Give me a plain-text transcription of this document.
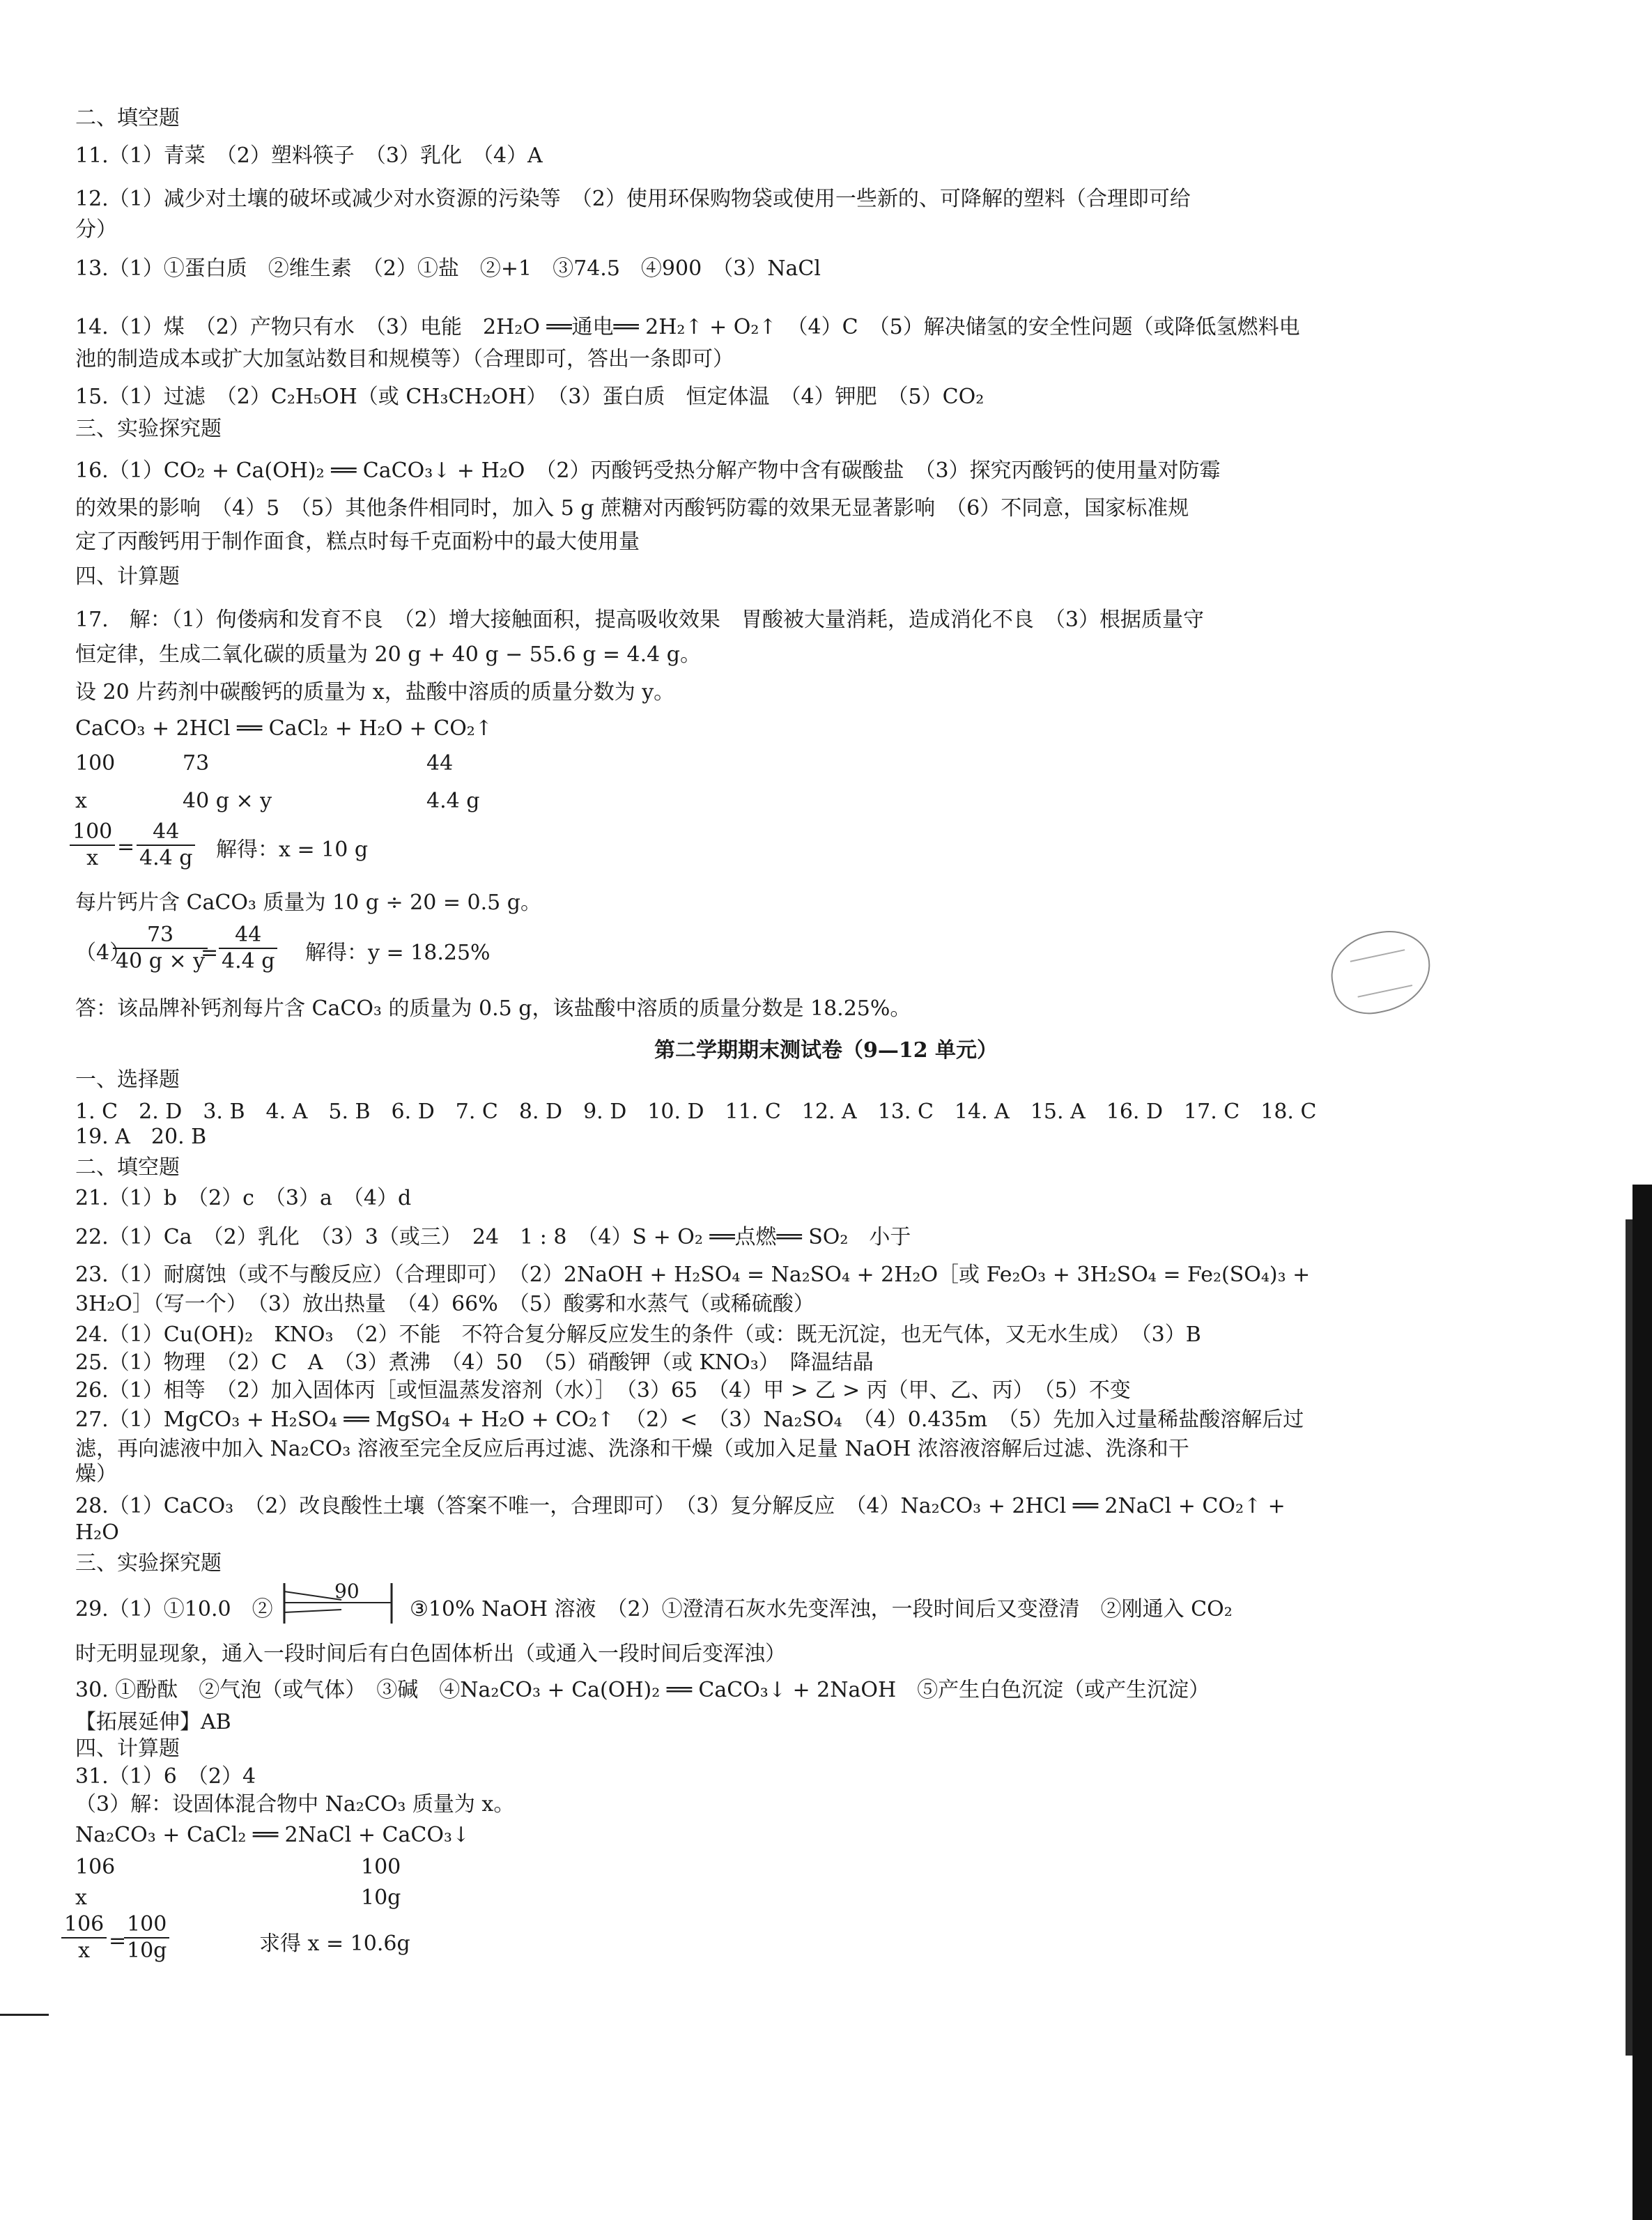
二、填空题
11.（1）青菜　（2）塑料筷子　（3）乳化　（4）A
12.（1）减少对土壤的破坏或减少对水资源的污染等　（2）使用环保购物袋或使用一些新的、可降解的塑料（合理即可给
分）
13.（1）①蛋白质　②维生素　（2）①盐　②+1　③74.5　④900　（3）NaCl
14.（1）煤　（2）产物只有水　（3）电能　2H₂O ══通电══ 2H₂↑ + O₂↑　（4）C　（5）解决储氢的安全性问题（或降低氢燃料电
池的制造成本或扩大加氢站数目和规模等）（合理即可，答出一条即可）
15.（1）过滤　（2）C₂H₅OH（或 CH₃CH₂OH）　（3）蛋白质　恒定体温　（4）钾肥　（5）CO₂
三、实验探究题
16.（1）CO₂ + Ca(OH)₂ ══ CaCO₃↓ + H₂O　（2）丙酸钙受热分解产物中含有碳酸盐　（3）探究丙酸钙的使用量对防霉
的效果的影响　（4）5　（5）其他条件相同时，加入 5 g 蔗糖对丙酸钙防霉的效果无显著影响　（6）不同意，国家标准规
定了丙酸钙用于制作面食，糕点时每千克面粉中的最大使用量
四、计算题
17.　解：（1）佝偻病和发育不良　（2）增大接触面积，提高吸收效果　胃酸被大量消耗，造成消化不良　（3）根据质量守
恒定律，生成二氧化碳的质量为 20 g + 40 g − 55.6 g = 4.4 g。
设 20 片药剂中碳酸钙的质量为 x，盐酸中溶质的质量分数为 y。
CaCO₃ + 2HCl ══ CaCl₂ + H₂O + CO₂↑
100	73	44
x	40 g × y	4.4 g
$\frac{100}{x} = \frac{44}{4.4 g}$ 解得：x = 10 g
每片钙片含 CaCO₃ 质量为 10 g ÷ 20 = 0.5 g。
（4）
$\frac{73}{40 g \times y}$
= $\frac{44}{4.4 g}$ 解得：y = 18.25%
答：该品牌补钙剂每片含 CaCO₃ 的质量为 0.5 g，该盐酸中溶质的质量分数是 18.25%。
第二学期期末测试卷（9—12 单元）
一、选择题
1. C　2. D　3. B　4. A　5. B　6. D　7. C　8. D　9. D　10. D　11. C　12. A　13. C　14. A　15. A　16. D　17. C　18. C
19. A　20. B
二、填空题
21.（1）b　（2）c　（3）a　（4）d
22.（1）Ca　（2）乳化　（3）3（或三）　24　1 : 8　（4）S + O₂ ══点燃══ SO₂　小于
23.（1）耐腐蚀（或不与酸反应）（合理即可）　（2）2NaOH + H₂SO₄ = Na₂SO₄ + 2H₂O［或 Fe₂O₃ + 3H₂SO₄ = Fe₂(SO₄)₃ +
3H₂O］（写一个）　（3）放出热量　（4）66%　（5）酸雾和水蒸气（或稀硫酸）
24.（1）Cu(OH)₂　KNO₃　（2）不能　不符合复分解反应发生的条件（或：既无沉淀，也无气体，又无水生成）　（3）B
25.（1）物理　（2）C　A　（3）煮沸　（4）50　（5）硝酸钾（或 KNO₃）　降温结晶
26.（1）相等　（2）加入固体丙［或恒温蒸发溶剂（水）］　（3）65　（4）甲 > 乙 > 丙（甲、乙、丙）　（5）不变
27.（1）MgCO₃ + H₂SO₄ ══ MgSO₄ + H₂O + CO₂↑　（2）<　（3）Na₂SO₄　（4）0.435m　（5）先加入过量稀盐酸溶解后过
滤，再向滤液中加入 Na₂CO₃ 溶液至完全反应后再过滤、洗涤和干燥（或加入足量 NaOH 浓溶液溶解后过滤、洗涤和干
燥）
28.（1）CaCO₃　（2）改良酸性土壤（答案不唯一，合理即可）　（3）复分解反应　（4）Na₂CO₃ + 2HCl ══ 2NaCl + CO₂↑ +
H₂O
三、实验探究题
29.（1）①10.0　②
90
③10% NaOH 溶液　（2）①澄清石灰水先变浑浊，一段时间后又变澄清　②刚通入 CO₂
时无明显现象，通入一段时间后有白色固体析出（或通入一段时间后变浑浊）
30. ①酚酞　②气泡（或气体）　③碱　④Na₂CO₃ + Ca(OH)₂ ══ CaCO₃↓ + 2NaOH　⑤产生白色沉淀（或产生沉淀）
【拓展延伸】AB
四、计算题
31.（1）6　（2）4
（3）解：设固体混合物中 Na₂CO₃ 质量为 x。
Na₂CO₃ + CaCl₂ ══ 2NaCl + CaCO₃↓
106	100
x	10g
$\frac{106}{x}$ =
$\frac{100}{10g}$	求得 x = 10.6g
